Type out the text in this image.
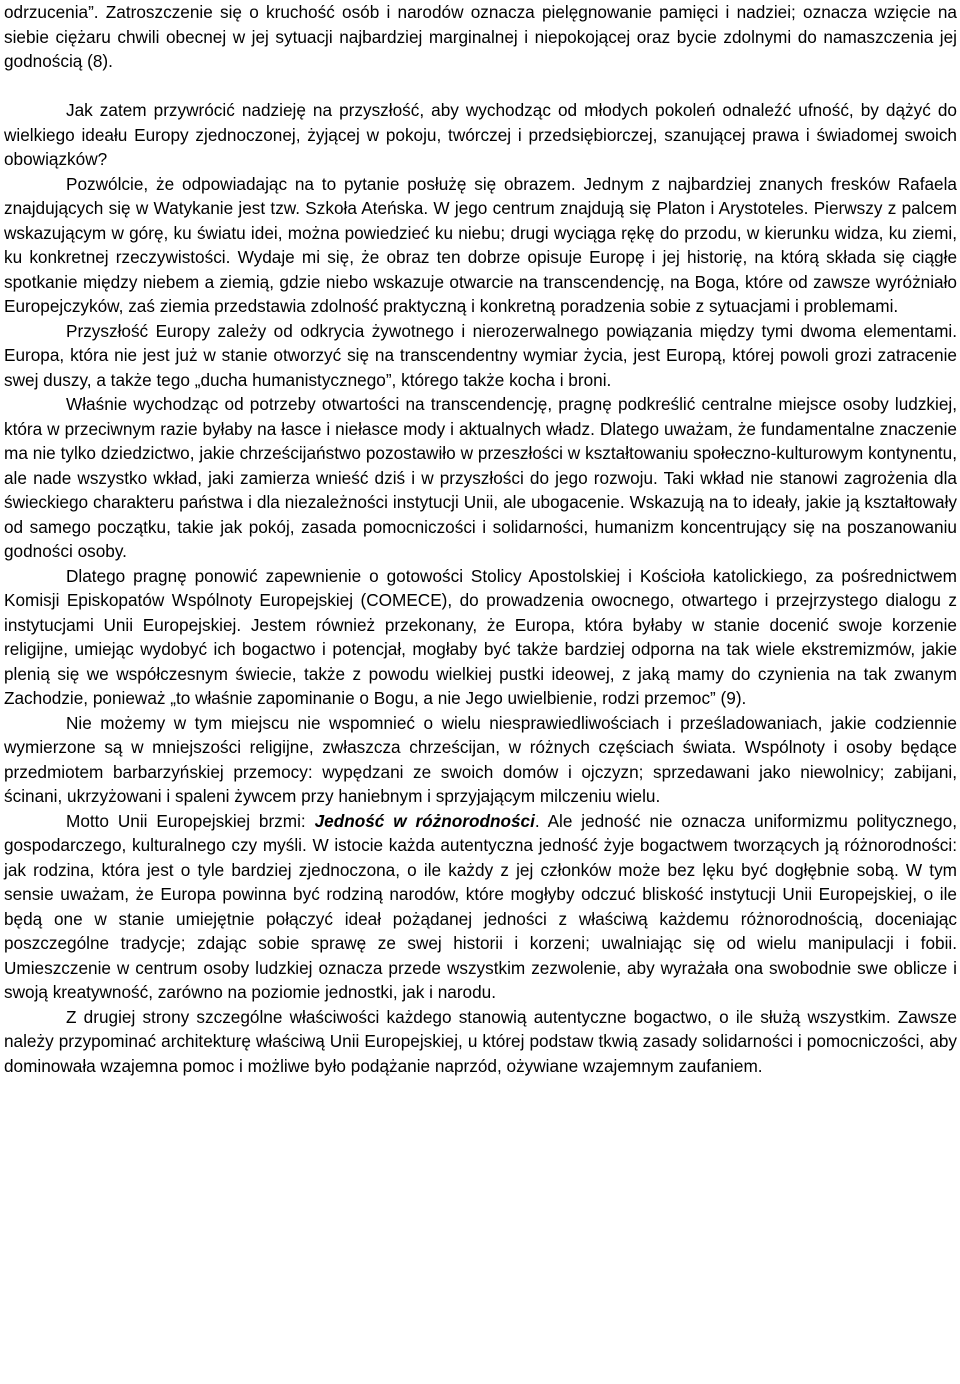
odrzucenia”. Zatroszczenie się o kruchość osób i narodów oznacza pielęgnowanie pamięci i nadziei; oznacza wzięcie na siebie ciężaru chwili obecnej w jej sytuacji najbardziej marginalnej i niepokojącej oraz bycie zdolnymi do namaszczenia jej godnością (8).

Jak zatem przywrócić nadzieję na przyszłość, aby wychodząc od młodych pokoleń odnaleźć ufność, by dążyć do wielkiego ideału Europy zjednoczonej, żyjącej w pokoju, twórczej i przedsiębiorczej, szanującej prawa i świadomej swoich obowiązków?

Pozwólcie, że odpowiadając na to pytanie posłużę się obrazem. Jednym z najbardziej znanych fresków Rafaela znajdujących się w Watykanie jest tzw. Szkoła Ateńska. W jego centrum znajdują się Platon i Arystoteles. Pierwszy z palcem wskazującym w górę, ku światu idei, można powiedzieć ku niebu; drugi wyciąga rękę do przodu, w kierunku widza, ku ziemi, ku konkretnej rzeczywistości. Wydaje mi się, że obraz ten dobrze opisuje Europę i jej historię, na którą składa się ciągłe spotkanie między niebem a ziemią, gdzie niebo wskazuje otwarcie na transcendencję, na Boga, które od zawsze wyróżniało Europejczyków, zaś ziemia przedstawia zdolność praktyczną i konkretną poradzenia sobie z sytuacjami i problemami.

Przyszłość Europy zależy od odkrycia żywotnego i nierozerwalnego powiązania między tymi dwoma elementami. Europa, która nie jest już w stanie otworzyć się na transcendentny wymiar życia, jest Europą, której powoli grozi zatracenie swej duszy, a także tego „ducha humanistycznego”, którego także kocha i broni.

Właśnie wychodząc od potrzeby otwartości na transcendencję, pragnę podkreślić centralne miejsce osoby ludzkiej, która w przeciwnym razie byłaby na łasce i niełasce mody i aktualnych władz. Dlatego uważam, że fundamentalne znaczenie ma nie tylko dziedzictwo, jakie chrześcijaństwo pozostawiło w przeszłości w kształtowaniu społeczno-kulturowym kontynentu, ale nade wszystko wkład, jaki zamierza wnieść dziś i w przyszłości do jego rozwoju. Taki wkład nie stanowi zagrożenia dla świeckiego charakteru państwa i dla niezależności instytucji Unii, ale ubogacenie. Wskazują na to ideały, jakie ją kształtowały od samego początku, takie jak pokój, zasada pomocniczości i solidarności, humanizm koncentrujący się na poszanowaniu godności osoby.

Dlatego pragnę ponowić zapewnienie o gotowości Stolicy Apostolskiej i Kościoła katolickiego, za pośrednictwem Komisji Episkopatów Wspólnoty Europejskiej (COMECE), do prowadzenia owocnego, otwartego i przejrzystego dialogu z instytucjami Unii Europejskiej. Jestem również przekonany, że Europa, która byłaby w stanie docenić swoje korzenie religijne, umiejąc wydobyć ich bogactwo i potencjał, mogłaby być także bardziej odporna na tak wiele ekstremizmów, jakie plenią się we współczesnym świecie, także z powodu wielkiej pustki ideowej, z jaką mamy do czynienia na tak zwanym Zachodzie, ponieważ „to właśnie zapominanie o Bogu, a nie Jego uwielbienie, rodzi przemoc” (9).

Nie możemy w tym miejscu nie wspomnieć o wielu niesprawiedliwościach i prześladowaniach, jakie codziennie wymierzone są w mniejszości religijne, zwłaszcza chrześcijan, w różnych częściach świata. Wspólnoty i osoby będące przedmiotem barbarzyńskiej przemocy: wypędzani ze swoich domów i ojczyzn; sprzedawani jako niewolnicy; zabijani, ścinani, ukrzyżowani i spaleni żywcem przy haniebnym i sprzyjającym milczeniu wielu.

Motto Unii Europejskiej brzmi: Jedność w różnorodności. Ale jedność nie oznacza uniformizmu politycznego, gospodarczego, kulturalnego czy myśli. W istocie każda autentyczna jedność żyje bogactwem tworzących ją różnorodności: jak rodzina, która jest o tyle bardziej zjednoczona, o ile każdy z jej członków może bez lęku być dogłębnie sobą. W tym sensie uważam, że Europa powinna być rodziną narodów, które mogłyby odczuć bliskość instytucji Unii Europejskiej, o ile będą one w stanie umiejętnie połączyć ideał pożądanej jedności z właściwą każdemu różnorodnością, doceniając poszczególne tradycje; zdając sobie sprawę ze swej historii i korzeni; uwalniając się od wielu manipulacji i fobii. Umieszczenie w centrum osoby ludzkiej oznacza przede wszystkim zezwolenie, aby wyrażała ona swobodnie swe oblicze i swoją kreatywność, zarówno na poziomie jednostki, jak i narodu.

Z drugiej strony szczególne właściwości każdego stanowią autentyczne bogactwo, o ile służą wszystkim. Zawsze należy przypominać architekturę właściwą Unii Europejskiej, u której podstaw tkwią zasady solidarności i pomocniczości, aby dominowała wzajemna pomoc i możliwe było podążanie naprzód, ożywiane wzajemnym zaufaniem.
